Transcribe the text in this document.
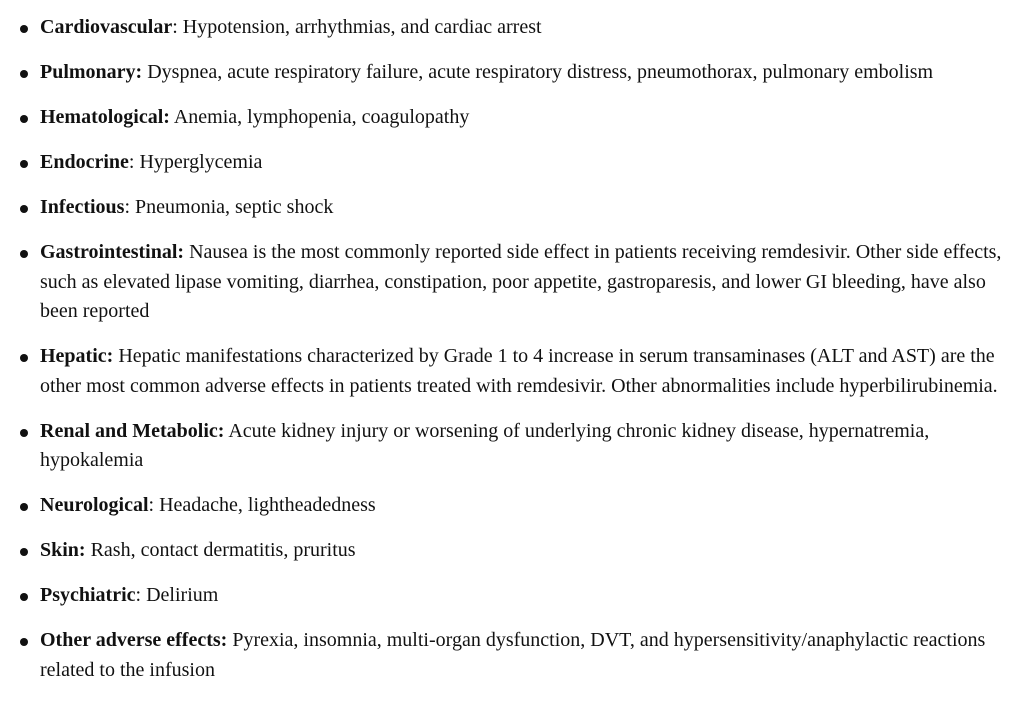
Cardiovascular: Hypotension, arrhythmias, and cardiac arrest
Pulmonary: Dyspnea, acute respiratory failure, acute respiratory distress, pneumothorax, pulmonary embolism
Hematological: Anemia, lymphopenia, coagulopathy
Endocrine: Hyperglycemia
Infectious: Pneumonia, septic shock
Gastrointestinal: Nausea is the most commonly reported side effect in patients receiving remdesivir. Other side effects, such as elevated lipase vomiting, diarrhea, constipation, poor appetite, gastroparesis, and lower GI bleeding, have also been reported
Hepatic: Hepatic manifestations characterized by Grade 1 to 4 increase in serum transaminases (ALT and AST) are the other most common adverse effects in patients treated with remdesivir. Other abnormalities include hyperbilirubinemia.
Renal and Metabolic: Acute kidney injury or worsening of underlying chronic kidney disease, hypernatremia, hypokalemia
Neurological: Headache, lightheadedness
Skin: Rash, contact dermatitis, pruritus
Psychiatric: Delirium
Other adverse effects: Pyrexia, insomnia, multi-organ dysfunction, DVT, and hypersensitivity/anaphylactic reactions related to the infusion
